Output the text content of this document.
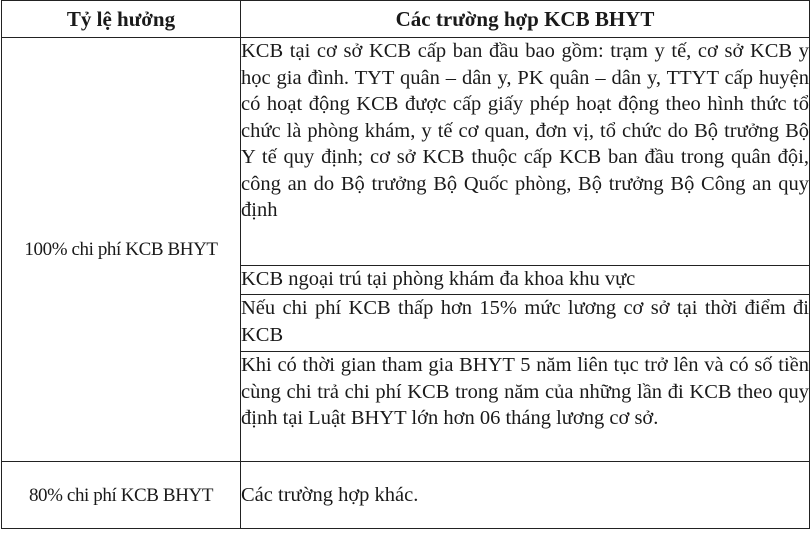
Tỷ lệ hưởng	Các trường hợp KCB BHYT
100% chi phí KCB BHYT	KCB tại cơ sở KCB cấp ban đầu bao gồm: trạm y tế, cơ sở KCB y học gia đình. TYT quân – dân y, PK quân – dân y, TTYT cấp huyện có hoạt động KCB được cấp giấy phép hoạt động theo hình thức tổ chức là phòng khám, y tế cơ quan, đơn vị, tổ chức do Bộ trưởng Bộ Y tế quy định; cơ sở KCB thuộc cấp KCB ban đầu trong quân đội, công an do Bộ trưởng Bộ Quốc phòng, Bộ trưởng Bộ Công an quy định
	KCB ngoại trú tại phòng khám đa khoa khu vực
	Nếu chi phí KCB thấp hơn 15% mức lương cơ sở tại thời điểm đi KCB
	Khi có thời gian tham gia BHYT 5 năm liên tục trở lên và có số tiền cùng chi trả chi phí KCB trong năm của những lần đi KCB theo quy định tại Luật BHYT lớn hơn 06 tháng lương cơ sở.
80% chi phí KCB BHYT	Các trường hợp khác.
